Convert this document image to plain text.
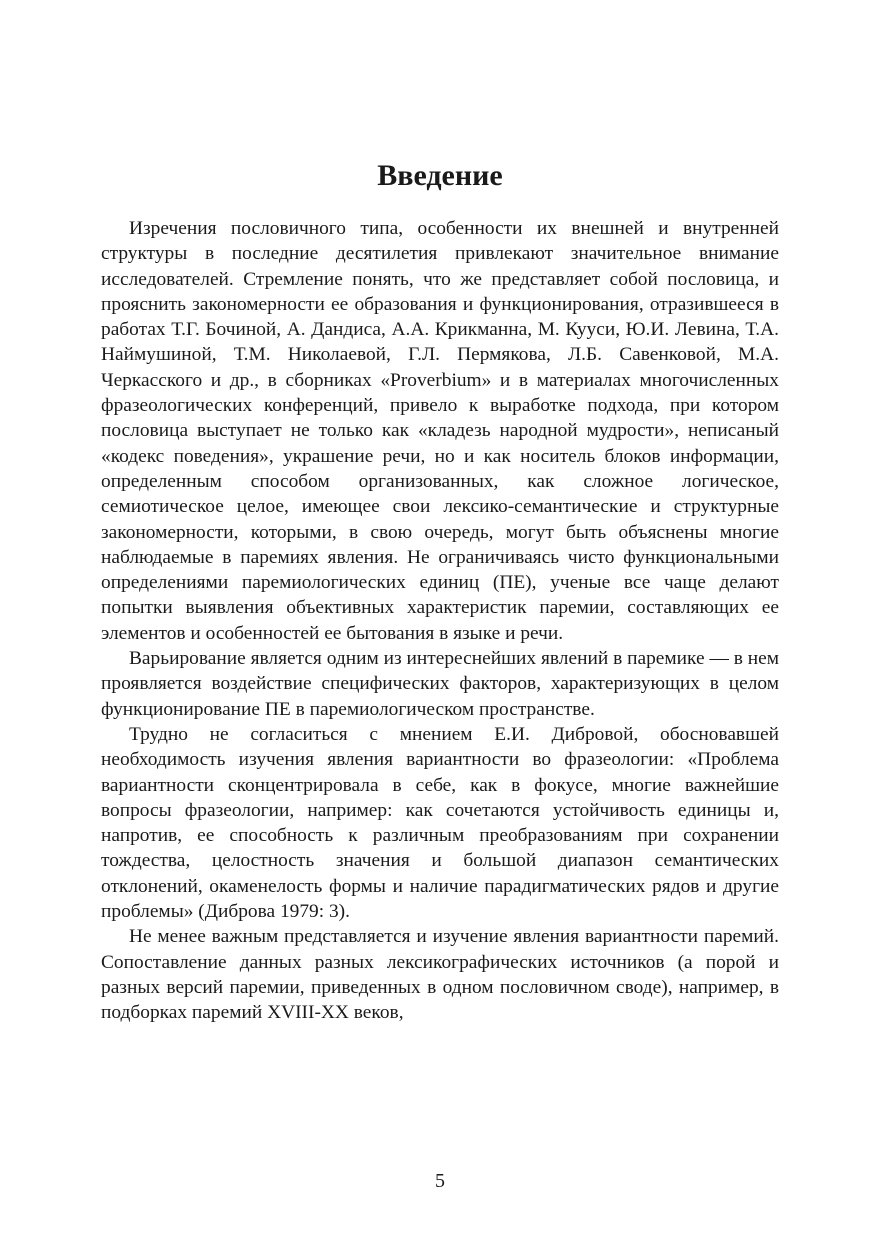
Введение

Изречения пословичного типа, особенности их внешней и внутренней структуры в последние десятилетия привлекают значительное внимание исследователей. Стремление понять, что же представляет собой пословица, и прояснить закономерности ее образования и функционирования, отразившееся в работах Т.Г. Бочиной, А. Дандиса, А.А. Крикманна, М. Кууси, Ю.И. Левина, Т.А. Наймушиной, Т.М. Николаевой, Г.Л. Пермякова, Л.Б. Савенковой, М.А. Черкасского и др., в сборниках «Proverbium» и в материалах многочисленных фразеологических конференций, привело к выработке подхода, при котором пословица выступает не только как «кладезь народной мудрости», неписаный «кодекс поведения», украшение речи, но и как носитель блоков информации, определенным способом организованных, как сложное логическое, семиотическое целое, имеющее свои лексико-семантические и структурные закономерности, которыми, в свою очередь, могут быть объяснены многие наблюдаемые в паремиях явления. Не ограничиваясь чисто функциональными определениями паремиологических единиц (ПЕ), ученые все чаще делают попытки выявления объективных характеристик паремии, составляющих ее элементов и особенностей ее бытования в языке и речи.

Варьирование является одним из интереснейших явлений в паремике — в нем проявляется воздействие специфических факторов, характеризующих в целом функционирование ПЕ в паремиологическом пространстве.

Трудно не согласиться с мнением Е.И. Дибровой, обосновавшей необходимость изучения явления вариантности во фразеологии: «Проблема вариантности сконцентрировала в себе, как в фокусе, многие важнейшие вопросы фразеологии, например: как сочетаются устойчивость единицы и, напротив, ее способность к различным преобразованиям при сохранении тождества, целостность значения и большой диапазон семантических отклонений, окаменелость формы и наличие парадигматических рядов и другие проблемы» (Диброва 1979: 3).

Не менее важным представляется и изучение явления вариантности паремий. Сопоставление данных разных лексикографических источников (а порой и разных версий паремии, приведенных в одном пословичном своде), например, в подборках паремий XVIII-XX веков,

5
